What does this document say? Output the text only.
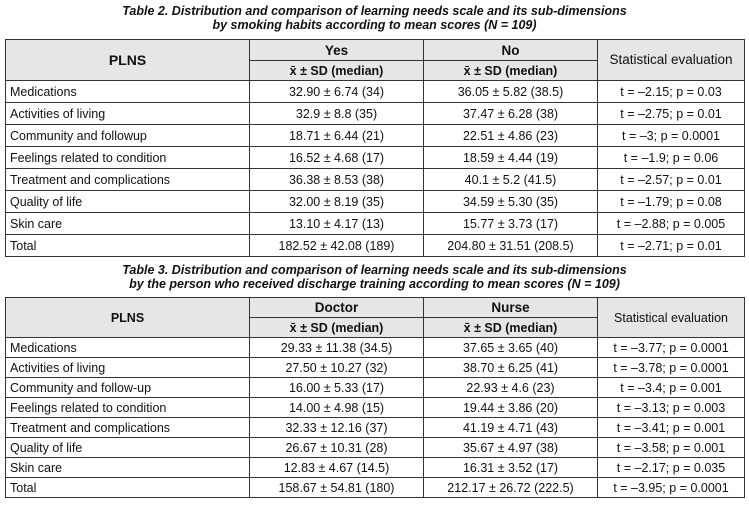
Table 2. Distribution and comparison of learning needs scale and its sub-dimensions
by smoking habits according to mean scores (N = 109)
PLNS	Yes	No	Statistical evaluation
	x̄ ± SD (median)	x̄ ± SD (median)	
Medications	32.90 ± 6.74 (34)	36.05 ± 5.82 (38.5)	t = –2.15; p = 0.03
Activities of living	32.9 ± 8.8 (35)	37.47 ± 6.28 (38)	t = –2.75; p = 0.01
Community and followup	18.71 ± 6.44 (21)	22.51 ± 4.86 (23)	t = –3; p = 0.0001
Feelings related to condition	16.52 ± 4.68 (17)	18.59 ± 4.44 (19)	t = –1.9; p = 0.06
Treatment and complications	36.38 ± 8.53 (38)	40.1 ± 5.2 (41.5)	t = –2.57; p = 0.01
Quality of life	32.00 ± 8.19 (35)	34.59 ± 5.30 (35)	t = –1.79; p = 0.08
Skin care	13.10 ± 4.17 (13)	15.77 ± 3.73 (17)	t = –2.88; p = 0.005
Total	182.52 ± 42.08 (189)	204.80 ± 31.51 (208.5)	t = –2.71; p = 0.01
Table 3. Distribution and comparison of learning needs scale and its sub-dimensions
by the person who received discharge training according to mean scores (N = 109)
PLNS	Doctor	Nurse	Statistical evaluation
	x̄ ± SD (median)	x̄ ± SD (median)	
Medications	29.33 ± 11.38 (34.5)	37.65 ± 3.65 (40)	t = –3.77; p = 0.0001
Activities of living	27.50 ± 10.27 (32)	38.70 ± 6.25 (41)	t = –3.78; p = 0.0001
Community and follow-up	16.00 ± 5.33 (17)	22.93 ± 4.6 (23)	t = –3.4; p = 0.001
Feelings related to condition	14.00 ± 4.98 (15)	19.44 ± 3.86 (20)	t = –3.13; p = 0.003
Treatment and complications	32.33 ± 12.16 (37)	41.19 ± 4.71 (43)	t = –3.41; p = 0.001
Quality of life	26.67 ± 10.31 (28)	35.67 ± 4.97 (38)	t = –3.58; p = 0.001
Skin care	12.83 ± 4.67 (14.5)	16.31 ± 3.52 (17)	t = –2.17; p = 0.035
Total	158.67 ± 54.81 (180)	212.17 ± 26.72 (222.5)	t = –3.95; p = 0.0001
